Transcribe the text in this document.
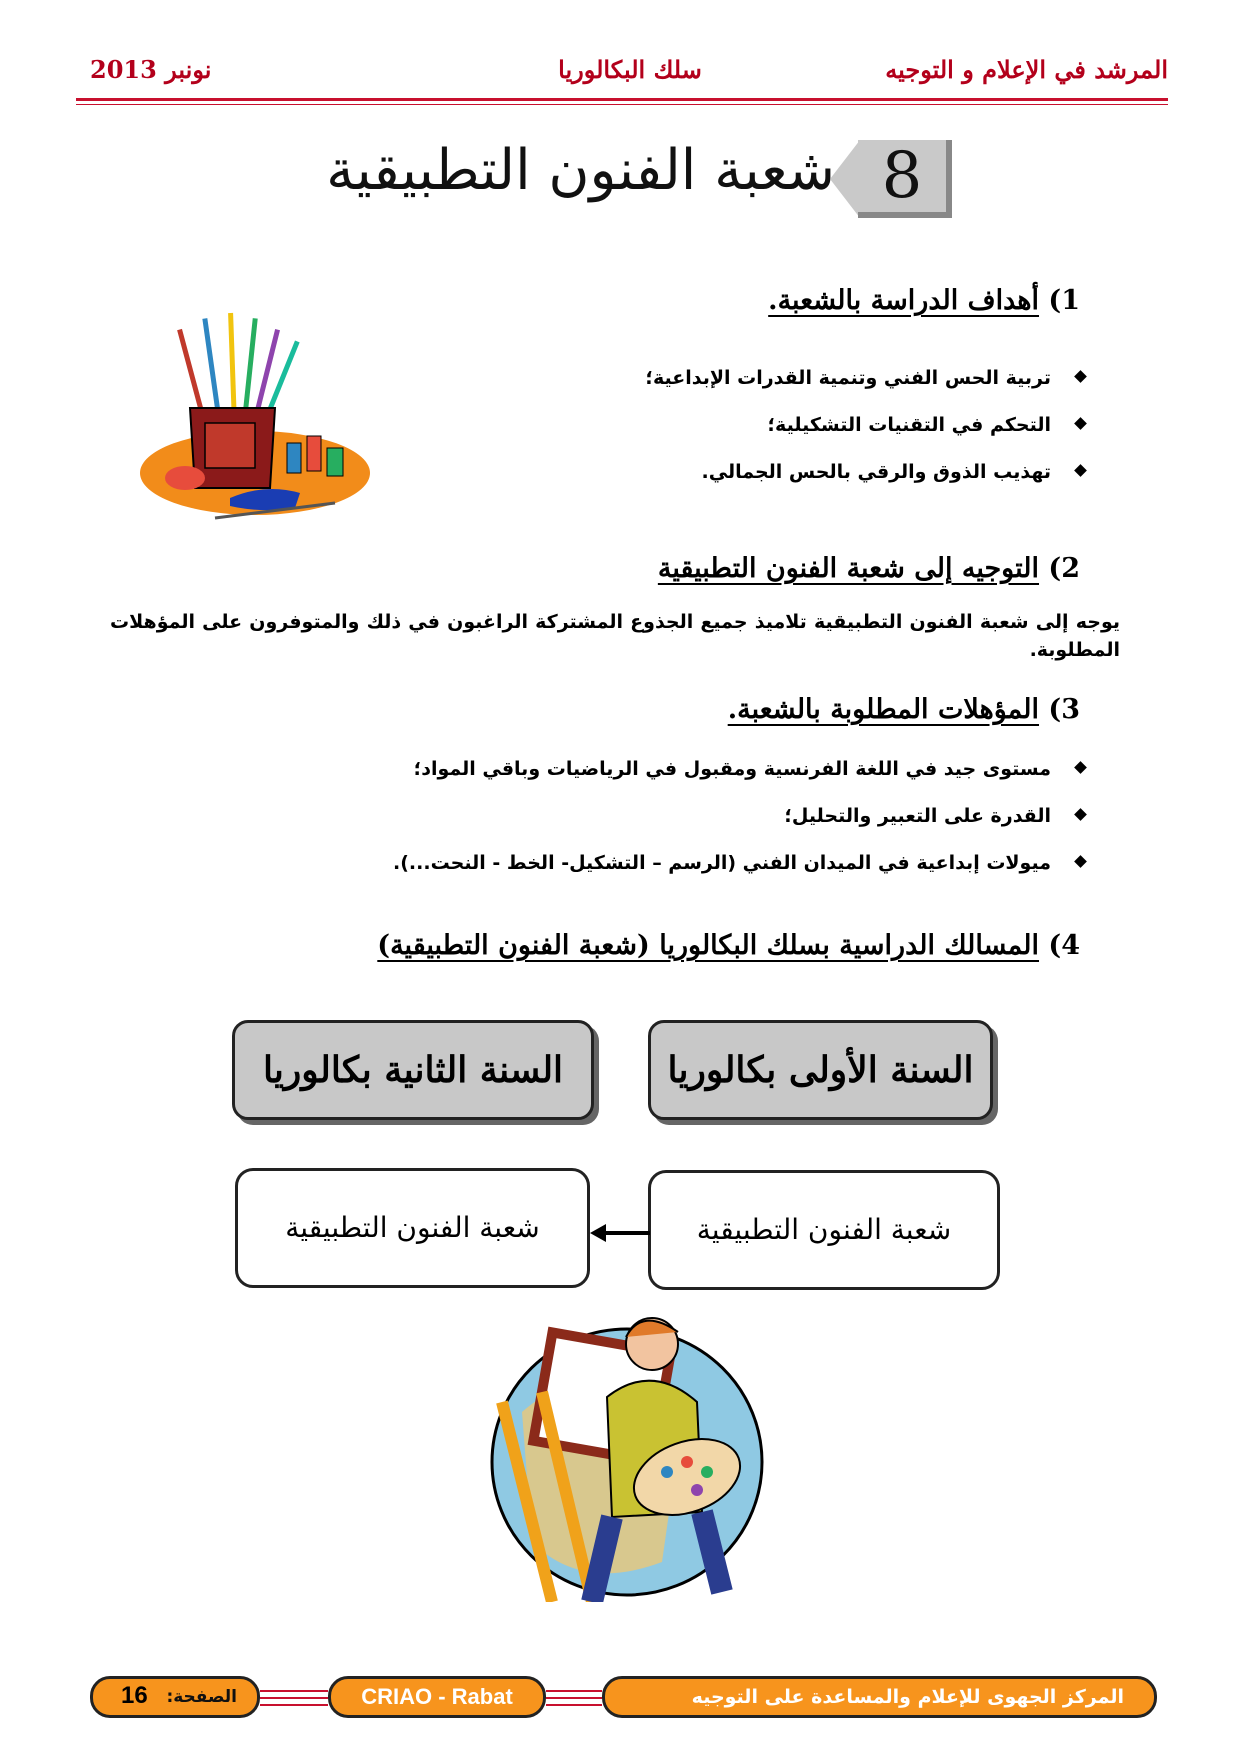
نونبر 2013	سلك البكالوريا	المرشد في الإعلام و التوجيه
شعبة الفنون التطبيقية 8
1) أهداف الدراسة بالشعبة.
تربية الحس الفني وتنمية القدرات الإبداعية؛
التحكم في التقنيات التشكيلية؛
تهذيب الذوق والرقي بالحس الجمالي.
2) التوجيه إلى شعبة الفنون التطبيقية
يوجه إلى شعبة الفنون التطبيقية تلاميذ جميع الجذوع المشتركة الراغبون في ذلك والمتوفرون على المؤهلات المطلوبة.
3) المؤهلات المطلوبة بالشعبة.
مستوى جيد في اللغة الفرنسية ومقبول في الرياضيات وباقي المواد؛
القدرة على التعبير والتحليل؛
ميولات إبداعية في الميدان الفني (الرسم – التشكيل- الخط - النحت...).
4) المسالك الدراسية بسلك البكالوريا (شعبة الفنون التطبيقية)
السنة الأولى بكالوريا
السنة الثانية بكالوريا
شعبة الفنون التطبيقية
شعبة الفنون التطبيقية
16 الصفحة:	CRIAO - Rabat	المركز الجهوى للإعلام والمساعدة على التوجيه
